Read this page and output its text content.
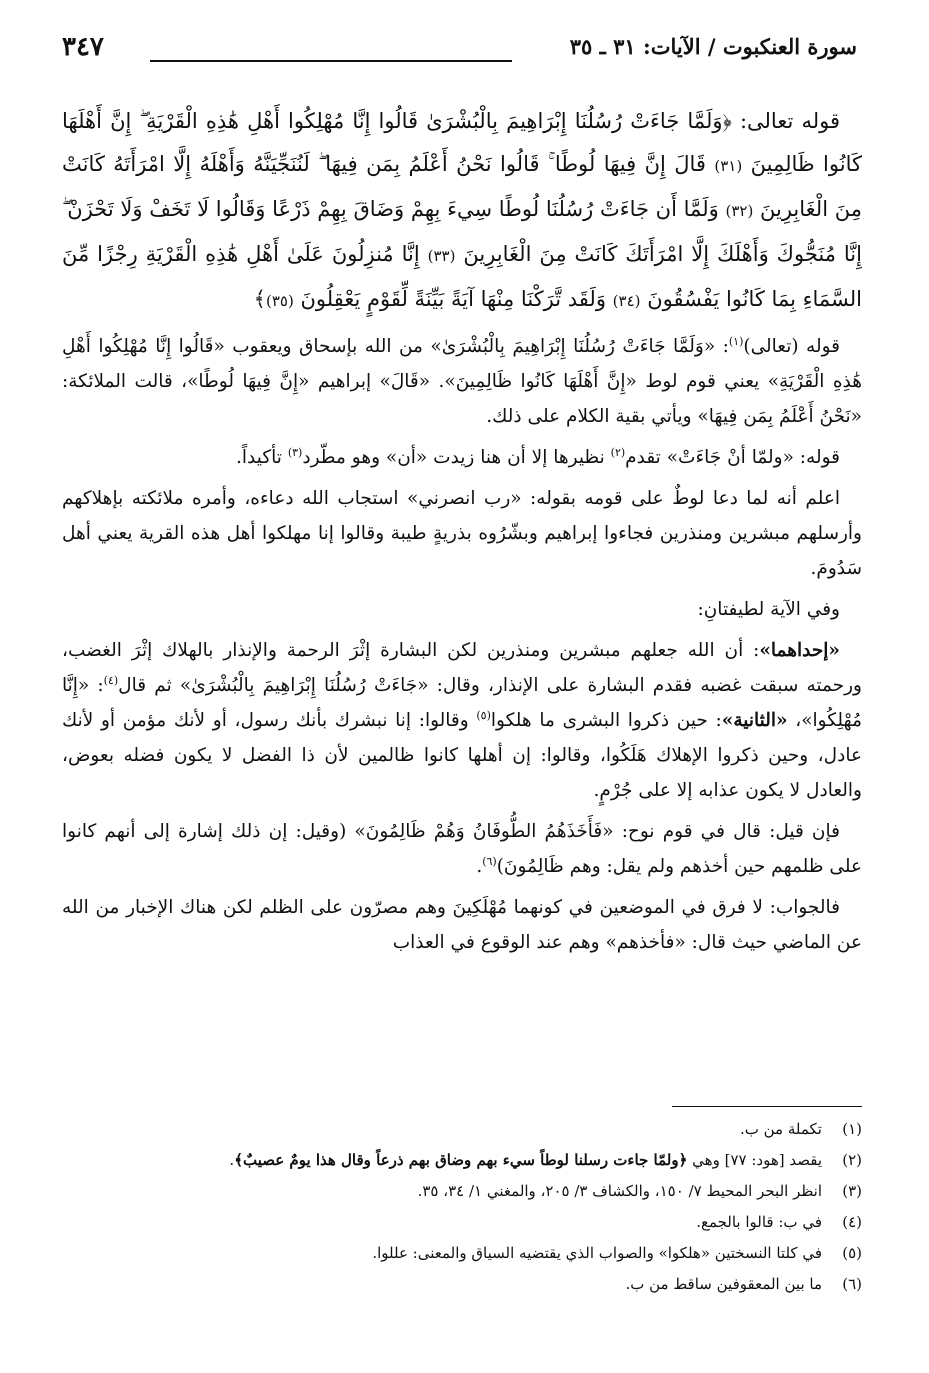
سورة العنكبوت / الآيات: ٣١ ـ ٣٥
٣٤٧

قوله تعالى: ﴿وَلَمَّا جَاءَتْ رُسُلُنَا إِبْرَاهِيمَ بِالْبُشْرَىٰ قَالُوا إِنَّا مُهْلِكُوا أَهْلِ هَٰذِهِ الْقَرْيَةِ ۖ إِنَّ أَهْلَهَا كَانُوا ظَالِمِينَ (٣١) قَالَ إِنَّ فِيهَا لُوطًا ۚ قَالُوا نَحْنُ أَعْلَمُ بِمَن فِيهَا ۖ لَنُنَجِّيَنَّهُ وَأَهْلَهُ إِلَّا امْرَأَتَهُ كَانَتْ مِنَ الْغَابِرِينَ (٣٢) وَلَمَّا أَن جَاءَتْ رُسُلُنَا لُوطًا سِيءَ بِهِمْ وَضَاقَ بِهِمْ ذَرْعًا وَقَالُوا لَا تَخَفْ وَلَا تَحْزَنْ ۖ إِنَّا مُنَجُّوكَ وَأَهْلَكَ إِلَّا امْرَأَتَكَ كَانَتْ مِنَ الْغَابِرِينَ (٣٣) إِنَّا مُنزِلُونَ عَلَىٰ أَهْلِ هَٰذِهِ الْقَرْيَةِ رِجْزًا مِّنَ السَّمَاءِ بِمَا كَانُوا يَفْسُقُونَ (٣٤) وَلَقَد تَّرَكْنَا مِنْهَا آيَةً بَيِّنَةً لِّقَوْمٍ يَعْقِلُونَ (٣٥)﴾

قوله (تعالى)$^{(١)}$: «وَلَمَّا جَاءَتْ رُسُلُنَا إِبْرَاهِيمَ بِالْبُشْرَىٰ» من الله بإسحاق ويعقوب «قَالُوا إِنَّا مُهْلِكُوا أَهْلِ هَٰذِهِ الْقَرْيَةِ» يعني قوم لوط «إِنَّ أَهْلَهَا كَانُوا ظَالِمِينَ». «قَالَ» إبراهيم «إِنَّ فِيهَا لُوطًا»، قالت الملائكة: «نَحْنُ أَعْلَمُ بِمَن فِيهَا» ويأتي بقية الكلام على ذلك.

قوله: «ولمّا أنْ جَاءَتْ» تقدم$^{(٢)}$ نظيرها إلا أن هنا زيدت «أن» وهو مطّرد$^{(٣)}$ تأكيداً.

اعلم أنه لما دعا لوطٌ على قومه بقوله: «رب انصرني» استجاب الله دعاءه، وأمره ملائكته بإهلاكهم وأرسلهم مبشرين ومنذرين فجاءوا إبراهيم وبشّرُوه بذريةٍ طيبة وقالوا إنا مهلكوا أهل هذه القرية يعني أهل سَدُومَ.

وفي الآية لطيفتانِ:

«إحداهما»: أن الله جعلهم مبشرين ومنذرين لكن البشارة إثْرَ الرحمة والإنذار بالهلاك إثْرَ الغضب، ورحمته سبقت غضبه فقدم البشارة على الإنذار، وقال: «جَاءَتْ رُسُلُنَا إِبْرَاهِيمَ بِالْبُشْرَىٰ» ثم قال$^{(٤)}$: «إِنَّا مُهْلِكُوا»، «الثانية»: حين ذكروا البشرى ما هلكوا$^{(٥)}$ وقالوا: إنا نبشرك بأنك رسول، أو لأنك مؤمن أو لأنك عادل، وحين ذكروا الإهلاك هَلَكُوا، وقالوا: إن أهلها كانوا ظالمين لأن ذا الفضل لا يكون فضله بعوض، والعادل لا يكون عذابه إلا على جُرْمٍ.

فإن قيل: قال في قوم نوح: «فَأَخَذَهُمُ الطُّوفَانُ وَهُمْ ظَالِمُونَ» (وقيل: إن ذلك إشارة إلى أنهم كانوا على ظلمهم حين أخذهم ولم يقل: وهم ظَالِمُونَ)$^{(٦)}$.

فالجواب: لا فرق في الموضعين في كونهما مُهْلَكِينَ وهم مصرّون على الظلم لكن هناك الإخبار من الله عن الماضي حيث قال: «فأخذهم» وهم عند الوقوع في العذاب

(١)تكملة من ب.
(٢)يقصد [هود: ٧٧] وهي ﴿ولمّا جاءت رسلنا لوطاً سيء بهم وضاق بهم ذرعاً وقال هذا يومٌ عصيبٌ﴾.
(٣)انظر البحر المحيط ٧/ ١٥٠، والكشاف ٣/ ٢٠٥، والمغني ١/ ٣٤، ٣٥.
(٤)في ب: قالوا بالجمع.
(٥)في كلتا النسختين «هلكوا» والصواب الذي يقتضيه السياق والمعنى: عللوا.
(٦)ما بين المعقوفين ساقط من ب.
